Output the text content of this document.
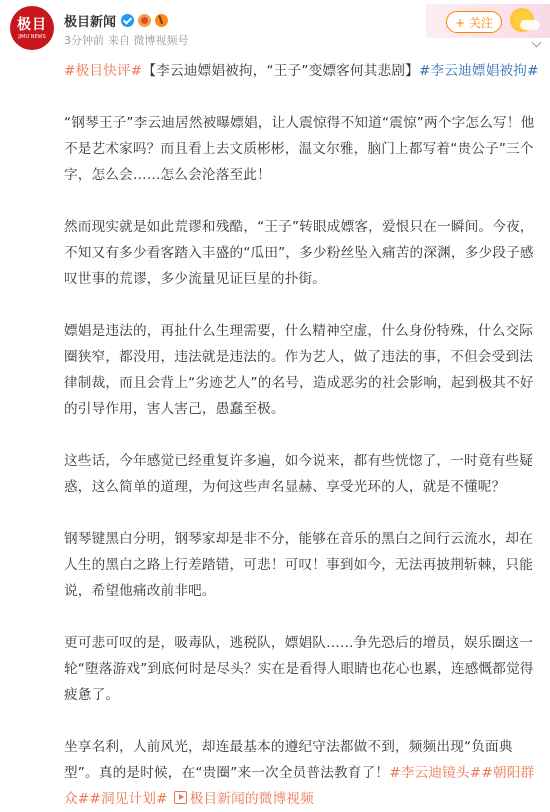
极目
JIMU NEWS
极目新闻
3分钟前 来自 微博视频号
+ 关注

#极目快评#【李云迪嫖娼被拘，“王子”变嫖客何其悲剧】#李云迪嫖娼被拘#

“钢琴王子”李云迪居然被曝嫖娼，让人震惊得不知道“震惊”两个字怎么写！他不是艺术家吗？而且看上去文质彬彬，温文尔雅，脑门上都写着“贵公子”三个字，怎么会……怎么会沦落至此！

然而现实就是如此荒谬和残酷，“王子”转眼成嫖客，爱恨只在一瞬间。今夜，不知又有多少看客踏入丰盛的“瓜田”，多少粉丝坠入痛苦的深渊，多少段子感叹世事的荒谬，多少流量见证巨星的扑街。

嫖娼是违法的，再扯什么生理需要，什么精神空虚，什么身份特殊，什么交际圈狭窄，都没用，违法就是违法的。作为艺人，做了违法的事，不但会受到法律制裁，而且会背上“劣迹艺人”的名号，造成恶劣的社会影响，起到极其不好的引导作用，害人害己，愚蠢至极。

这些话，今年感觉已经重复许多遍，如今说来，都有些恍惚了，一时竟有些疑惑，这么简单的道理，为何这些声名显赫、享受光环的人，就是不懂呢？

钢琴键黑白分明，钢琴家却是非不分，能够在音乐的黑白之间行云流水，却在人生的黑白之路上行差踏错，可悲！可叹！事到如今，无法再披荆斩棘，只能说，希望他痛改前非吧。

更可悲可叹的是，吸毒队，逃税队，嫖娼队……争先恐后的增员，娱乐圈这一轮“堕落游戏”到底何时是尽头？实在是看得人眼睛也花心也累，连感慨都觉得疲惫了。

坐享名利，人前风光，却连最基本的遵纪守法都做不到，频频出现“负面典型”。真的是时候，在“贵圈”来一次全员普法教育了！#李云迪镜头##朝阳群众##洞见计划# 极目新闻的微博视频
